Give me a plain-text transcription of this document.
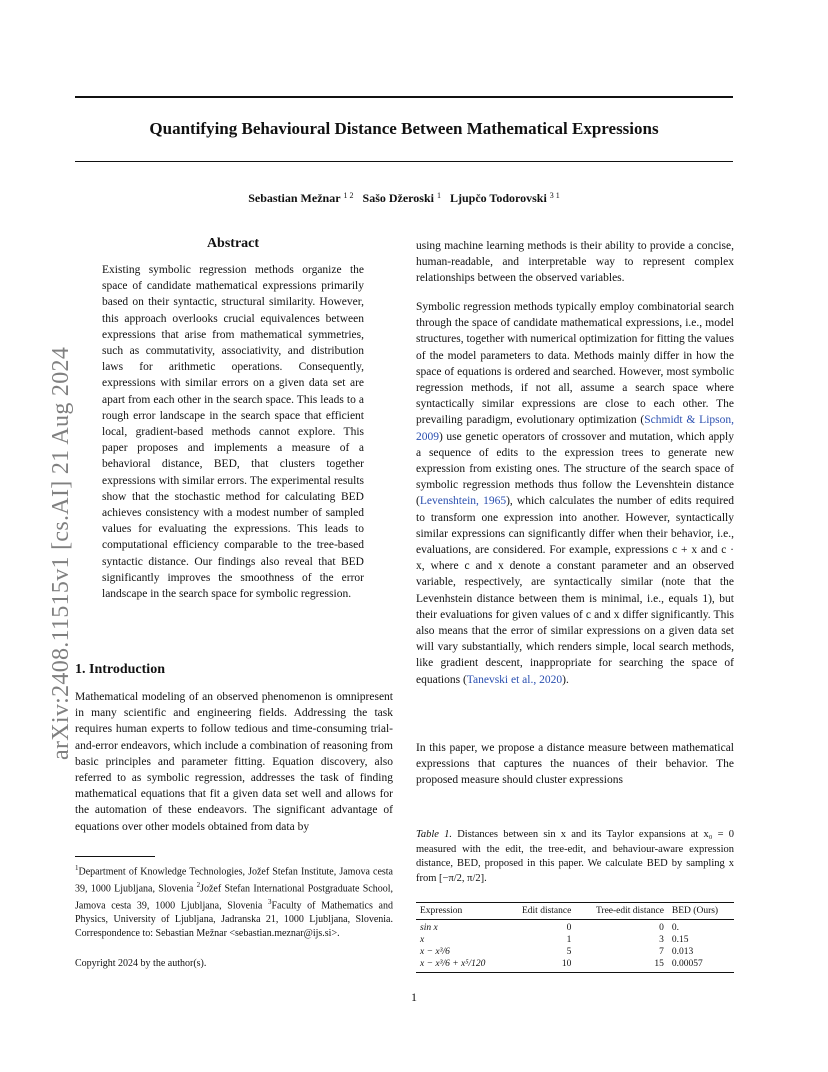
arXiv:2408.11515v1 [cs.AI] 21 Aug 2024
Quantifying Behavioural Distance Between Mathematical Expressions

Sebastian Mežnar $^{1 2}$ Sašo Džeroski $^1$ Ljupčo Todorovski $^{3 1}$

Abstract

Existing symbolic regression methods organize the space of candidate mathematical expressions primarily based on their syntactic, structural similarity. However, this approach overlooks crucial equivalences between expressions that arise from mathematical symmetries, such as commutativity, associativity, and distribution laws for arithmetic operations. Consequently, expressions with similar errors on a given data set are apart from each other in the search space. This leads to a rough error landscape in the search space that efficient local, gradient-based methods cannot explore. This paper proposes and implements a measure of a behavioral distance, BED, that clusters together expressions with similar errors. The experimental results show that the stochastic method for calculating BED achieves consistency with a modest number of sampled values for evaluating the expressions. This leads to computational efficiency comparable to the tree-based syntactic distance. Our findings also reveal that BED significantly improves the smoothness of the error landscape in the search space for symbolic regression.

1. Introduction

Mathematical modeling of an observed phenomenon is omnipresent in many scientific and engineering fields. Addressing the task requires human experts to follow tedious and time-consuming trial-and-error endeavors, which include a combination of reasoning from basic principles and parameter fitting. Equation discovery, also referred to as symbolic regression, addresses the task of finding mathematical equations that fit a given data set well and allows for the automation of these endeavors. The significant advantage of equations over other models obtained from data by

$^1$Department of Knowledge Technologies, Jožef Stefan Institute, Jamova cesta 39, 1000 Ljubljana, Slovenia $^2$Jožef Stefan International Postgraduate School, Jamova cesta 39, 1000 Ljubljana, Slovenia $^3$Faculty of Mathematics and Physics, University of Ljubljana, Jadranska 21, 1000 Ljubljana, Slovenia. Correspondence to: Sebastian Mežnar <sebastian.meznar@ijs.si>.

Copyright 2024 by the author(s).

using machine learning methods is their ability to provide a concise, human-readable, and interpretable way to represent complex relationships between the observed variables.

Symbolic regression methods typically employ combinatorial search through the space of candidate mathematical expressions, i.e., model structures, together with numerical optimization for fitting the values of the model parameters to data. Methods mainly differ in how the space of equations is ordered and searched. However, most symbolic regression methods, if not all, assume a search space where syntactically similar expressions are close to each other. The prevailing paradigm, evolutionary optimization (Schmidt & Lipson, 2009) use genetic operators of crossover and mutation, which apply a sequence of edits to the expression trees to generate new expression from existing ones. The structure of the search space of symbolic regression methods thus follow the Levenshtein distance (Levenshtein, 1965), which calculates the number of edits required to transform one expression into another. However, syntactically similar expressions can significantly differ when their behavior, i.e., evaluations, are considered. For example, expressions c + x and c · x, where c and x denote a constant parameter and an observed variable, respectively, are syntactically similar (note that the Levenhstein distance between them is minimal, i.e., equals 1), but their evaluations for given values of c and x differ significantly. This also means that the error of similar expressions on a given data set will vary substantially, which renders simple, local search methods, like gradient descent, inappropriate for searching the space of equations (Tanevski et al., 2020).

In this paper, we propose a distance measure between mathematical expressions that captures the nuances of their behavior. The proposed measure should cluster expressions

Table 1. Distances between sin x and its Taylor expansions at x₀ = 0 measured with the edit, the tree-edit, and behaviour-aware expression distance, BED, proposed in this paper. We calculate BED by sampling x from [−π/2, π/2].

Expression	Edit distance	Tree-edit distance	BED (Ours)
sin x	0	0	0.
x	1	3	0.15
x − x³/6	5	7	0.013
x − x³/6 + x⁵/120	10	15	0.00057

1
